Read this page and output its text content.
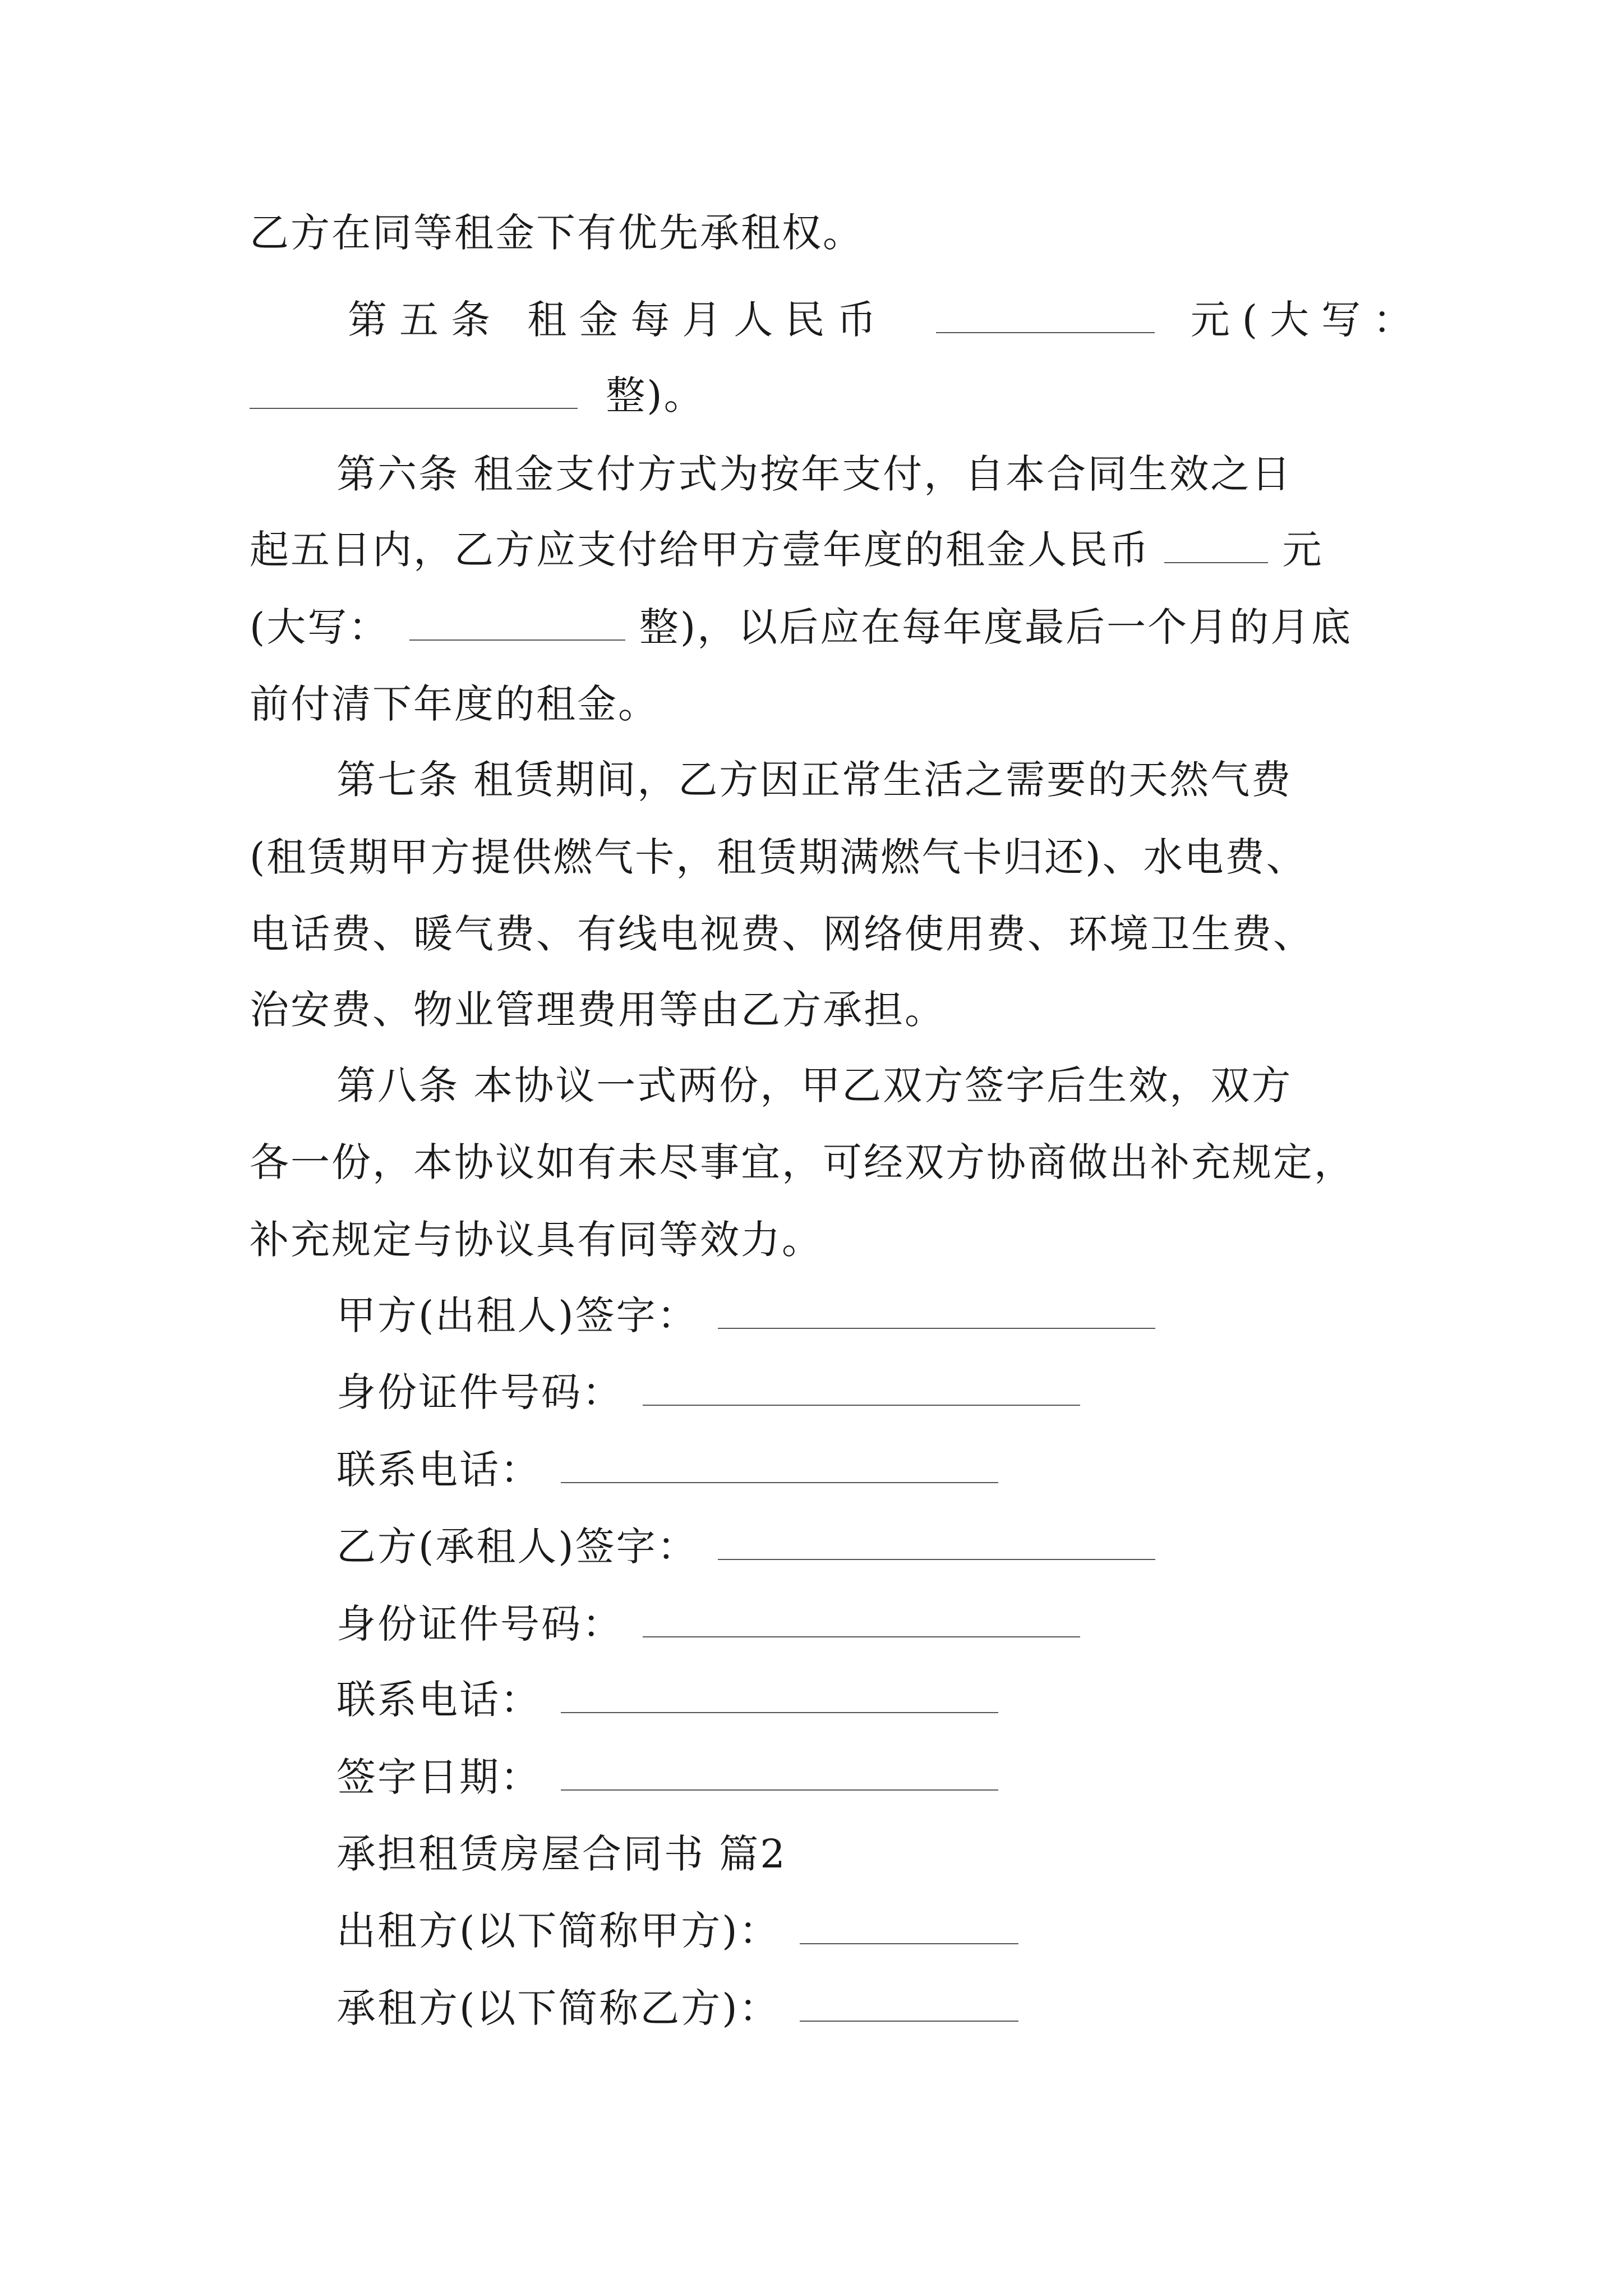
乙方在同等租金下有优先承租权。
第五条 租金每月人民币	元(大写：
整)。
第六条 租金支付方式为按年支付，自本合同生效之日
起五日内，乙方应支付给甲方壹年度的租金人民币	元
(大写：	整)，以后应在每年度最后一个月的月底
前付清下年度的租金。
第七条 租赁期间，乙方因正常生活之需要的天然气费
(租赁期甲方提供燃气卡，租赁期满燃气卡归还)、水电费、
电话费、暖气费、有线电视费、网络使用费、环境卫生费、
治安费、物业管理费用等由乙方承担。
第八条 本协议一式两份，甲乙双方签字后生效，双方
各一份，本协议如有未尽事宜，可经双方协商做出补充规定，
补充规定与协议具有同等效力。
甲方(出租人)签字：
身份证件号码：
联系电话：
乙方(承租人)签字：
身份证件号码：
联系电话：
签字日期：
承担租赁房屋合同书 篇2
出租方(以下简称甲方)：
承租方(以下简称乙方)：
